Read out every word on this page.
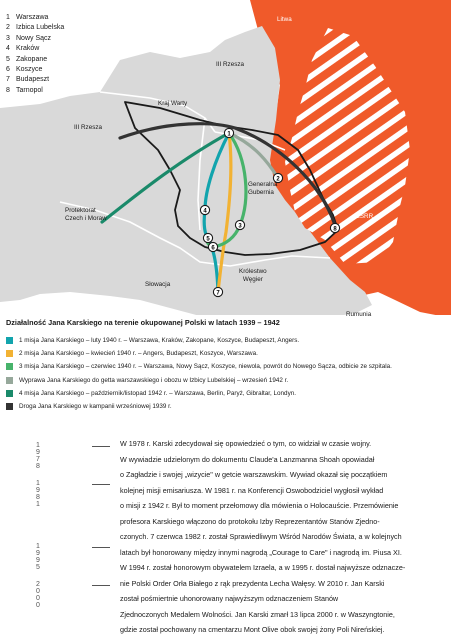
1
2
3
4
5
6
7
8
1 Warszawa
2 Izbica Lubelska
3 Nowy Sącz
4 Kraków
5 Zakopane
6 Koszyce
7 Budapeszt
8 Tarnopol
Litwa
III Rzesza
Kraj Warty
III Rzesza
Generalna
Gubernia
Protektorat
Czech i Moraw	ZSRR
Królestwo
Węgier
Słowacja
Rumunia
Działalność Jana Karskiego na terenie okupowanej Polski w latach 1939 – 1942
1 misja Jana Karskiego – luty 1940 r. – Warszawa, Kraków, Zakopane, Koszyce, Budapeszt, Angers.
2 misja Jana Karskiego – kwiecień 1940 r. – Angers, Budapeszt, Koszyce, Warszawa.
3 misja Jana Karskiego – czerwiec 1940 r. – Warszawa, Nowy Sącz, Koszyce, niewola, powrót do Nowego Sącza, odbicie ze szpitala.
Wyprawa Jana Karskiego do getta warszawskiego i obozu w Izbicy Lubelskiej – wrzesień 1942 r.
4 misja Jana Karskiego – październik/listopad 1942 r. – Warszawa, Berlin, Paryż, Gibraltar, Londyn.
Droga Jana Karskiego w kampanii wrześniowej 1939 r.
1 9 7 8
1 9 8 1
1 9 9 5
2 0 0 0
W 1978 r. Karski zdecydował się opowiedzieć o tym, co widział w czasie wojny.
W wywiadzie udzielonym do dokumentu Claude'a Lanzmanna Shoah opowiadał
o Zagładzie i swojej „wizycie" w getcie warszawskim. Wywiad okazał się początkiem
kolejnej misji emisariusza. W 1981 r. na Konferencji Oswobodziciel wygłosił wykład
o misji z 1942 r. Był to moment przełomowy dla mówienia o Holocauście. Przemówienie
profesora Karskiego włączono do protokołu Izby Reprezentantów Stanów Zjedno-
czonych. 7 czerwca 1982 r. został Sprawiedliwym Wśród Narodów Świata, a w kolejnych
latach był honorowany między innymi nagrodą „Courage to Care" i nagrodą im. Piusa XI.
W 1994 r. został honorowym obywatelem Izraela, a w 1995 r. dostał najwyższe odznacze-
nie Polski Order Orła Białego z rąk prezydenta Lecha Wałęsy. W 2010 r. Jan Karski
został pośmiertnie uhonorowany najwyższym odznaczeniem Stanów
Zjednoczonych Medalem Wolności. Jan Karski zmarł 13 lipca 2000 r. w Waszyngtonie,
gdzie został pochowany na cmentarzu Mont Olive obok swojej żony Poli Nireńskiej.
